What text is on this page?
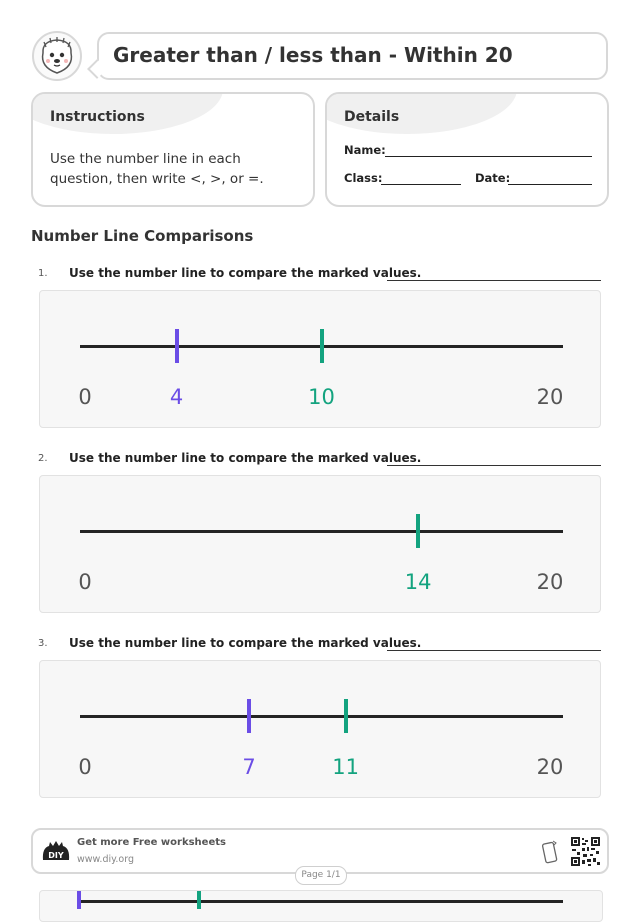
Greater than / less than - Within 20
Instructions
Use the number line in each question, then write <, >, or =.
Details
Name:
Class:	Date:
Number Line Comparisons
1. Use the number line to compare the marked values.
0	20
4	10
2. Use the number line to compare the marked values.
0	20
14
3. Use the number line to compare the marked values.
0	20
7	11
DIY
Get more Free worksheets
www.diy.org
Page 1/1
